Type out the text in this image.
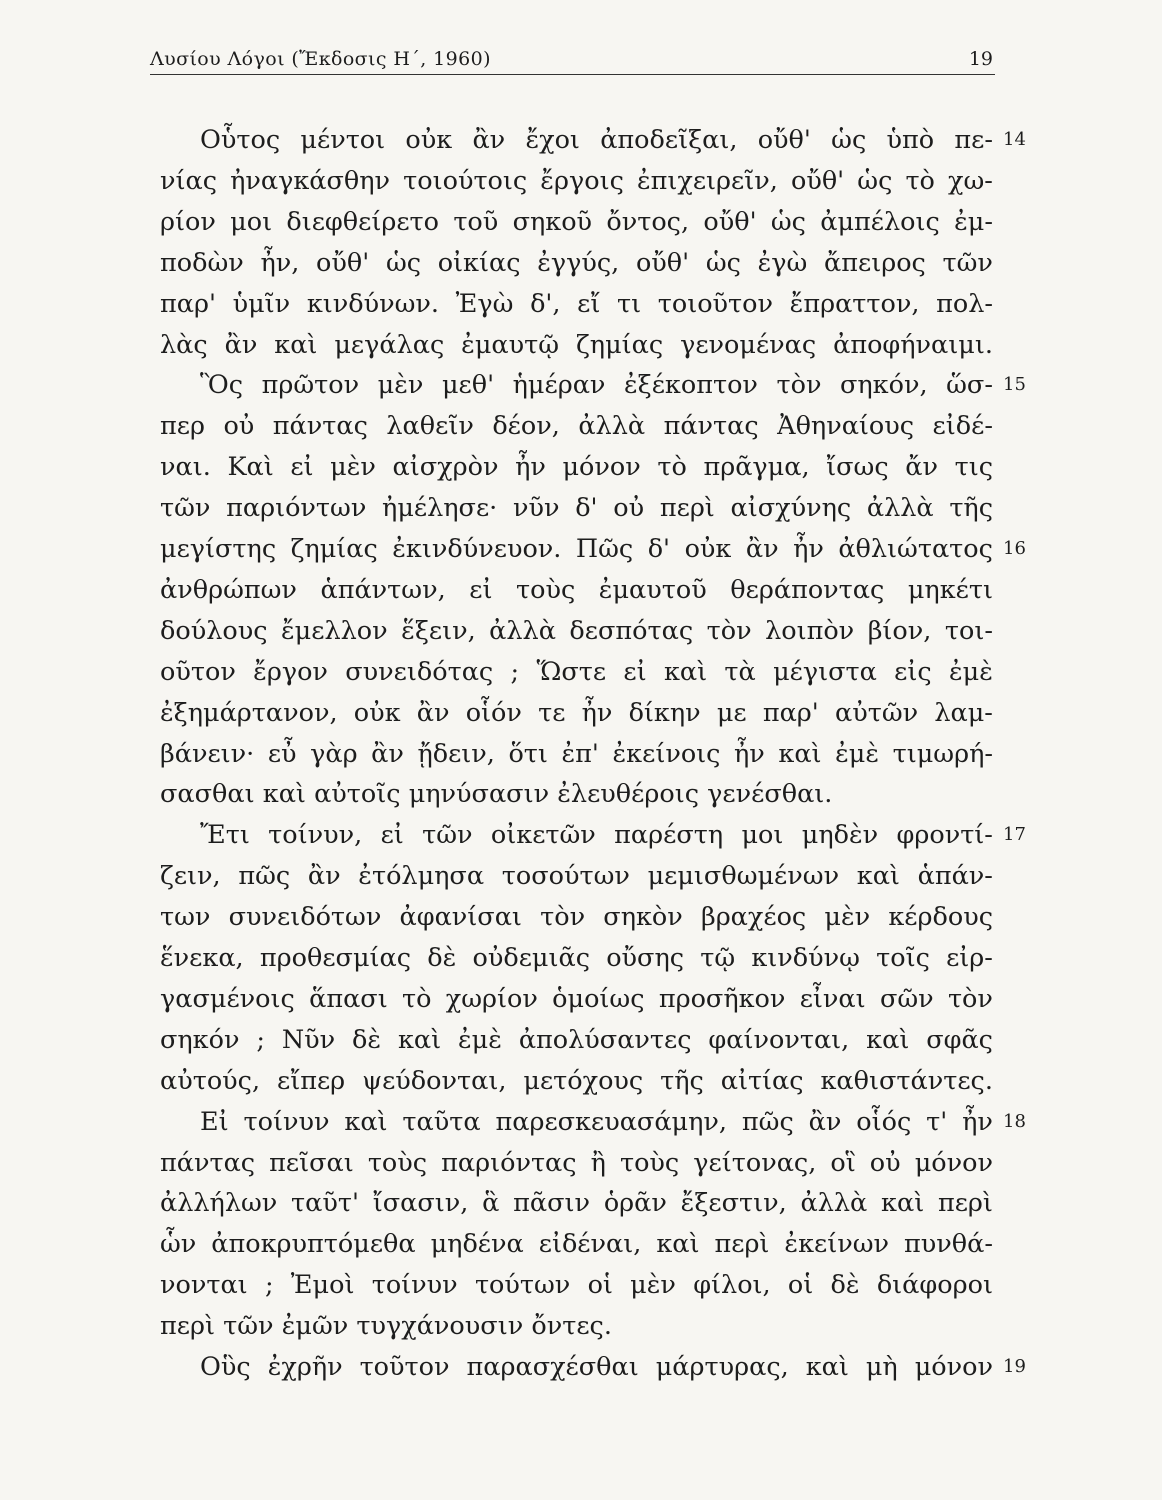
Λυσίου Λόγοι (Ἔκδοσις Η΄, 1960)	19
Οὗτος μέντοι οὐκ ἂν ἔχοι ἀποδεῖξαι, οὔθ' ὡς ὑπὸ πε- 14
νίας ἠναγκάσθην τοιούτοις ἔργοις ἐπιχειρεῖν, οὔθ' ὡς τὸ χω-
ρίον μοι διεφθείρετο τοῦ σηκοῦ ὄντος, οὔθ' ὡς ἀμπέλοις ἐμ-
ποδὼν ἦν, οὔθ' ὡς οἰκίας ἐγγύς, οὔθ' ὡς ἐγὼ ἄπειρος τῶν
παρ' ὑμῖν κινδύνων. Ἐγὼ δ', εἴ τι τοιοῦτον ἔπραττον, πολ-
λὰς ἂν καὶ μεγάλας ἐμαυτῷ ζημίας γενομένας ἀποφήναιμι.
Ὃς πρῶτον μὲν μεθ' ἡμέραν ἐξέκοπτον τὸν σηκόν, ὥσ- 15
περ οὐ πάντας λαθεῖν δέον, ἀλλὰ πάντας Ἀθηναίους εἰδέ-
ναι. Καὶ εἰ μὲν αἰσχρὸν ἦν μόνον τὸ πρᾶγμα, ἴσως ἄν τις
τῶν παριόντων ἠμέλησε· νῦν δ' οὐ περὶ αἰσχύνης ἀλλὰ τῆς
μεγίστης ζημίας ἐκινδύνευον. Πῶς δ' οὐκ ἂν ἦν ἀθλιώτατος 16
ἀνθρώπων ἁπάντων, εἰ τοὺς ἐμαυτοῦ θεράποντας μηκέτι
δούλους ἔμελλον ἕξειν, ἀλλὰ δεσπότας τὸν λοιπὸν βίον, τοι-
οῦτον ἔργον συνειδότας ; Ὥστε εἰ καὶ τὰ μέγιστα εἰς ἐμὲ
ἐξημάρτανον, οὐκ ἂν οἷόν τε ἦν δίκην με παρ' αὐτῶν λαμ-
βάνειν· εὖ γὰρ ἂν ᾔδειν, ὅτι ἐπ' ἐκείνοις ἦν καὶ ἐμὲ τιμωρή-
σασθαι καὶ αὐτοῖς μηνύσασιν ἐλευθέροις γενέσθαι.
Ἔτι τοίνυν, εἰ τῶν οἰκετῶν παρέστη μοι μηδὲν φροντί- 17
ζειν, πῶς ἂν ἐτόλμησα τοσούτων μεμισθωμένων καὶ ἁπάν-
των συνειδότων ἀφανίσαι τὸν σηκὸν βραχέος μὲν κέρδους
ἕνεκα, προθεσμίας δὲ οὐδεμιᾶς οὔσης τῷ κινδύνῳ τοῖς εἰρ-
γασμένοις ἅπασι τὸ χωρίον ὁμοίως προσῆκον εἶναι σῶν τὸν
σηκόν ; Νῦν δὲ καὶ ἐμὲ ἀπολύσαντες φαίνονται, καὶ σφᾶς
αὐτούς, εἴπερ ψεύδονται, μετόχους τῆς αἰτίας καθιστάντες.
Εἰ τοίνυν καὶ ταῦτα παρεσκευασάμην, πῶς ἂν οἷός τ' ἦν 18
πάντας πεῖσαι τοὺς παριόντας ἢ τοὺς γείτονας, οἳ οὐ μόνον
ἀλλήλων ταῦτ' ἴσασιν, ἃ πᾶσιν ὁρᾶν ἔξεστιν, ἀλλὰ καὶ περὶ
ὧν ἀποκρυπτόμεθα μηδένα εἰδέναι, καὶ περὶ ἐκείνων πυνθά-
νονται ; Ἐμοὶ τοίνυν τούτων οἱ μὲν φίλοι, οἱ δὲ διάφοροι
περὶ τῶν ἐμῶν τυγχάνουσιν ὄντες.
Οὓς ἐχρῆν τοῦτον παρασχέσθαι μάρτυρας, καὶ μὴ μόνον 19
